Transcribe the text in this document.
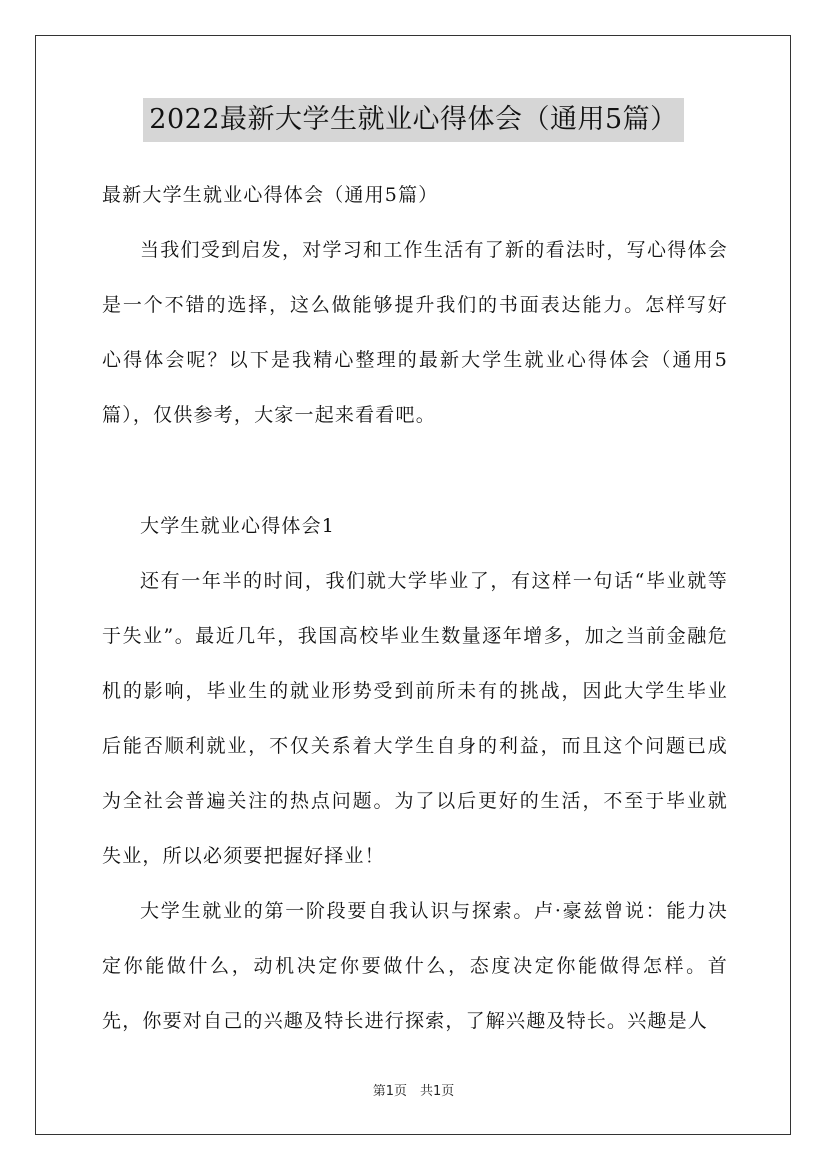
2022最新大学生就业心得体会（通用5篇）

最新大学生就业心得体会（通用5篇）

当我们受到启发，对学习和工作生活有了新的看法时，写心得体会是一个不错的选择，这么做能够提升我们的书面表达能力。怎样写好心得体会呢？以下是我精心整理的最新大学生就业心得体会（通用5篇），仅供参考，大家一起来看看吧。

大学生就业心得体会1

还有一年半的时间，我们就大学毕业了，有这样一句话“毕业就等于失业”。最近几年，我国高校毕业生数量逐年增多，加之当前金融危机的影响，毕业生的就业形势受到前所未有的挑战，因此大学生毕业后能否顺利就业，不仅关系着大学生自身的利益，而且这个问题已成为全社会普遍关注的热点问题。为了以后更好的生活，不至于毕业就失业，所以必须要把握好择业！

大学生就业的第一阶段要自我认识与探索。卢·豪兹曾说：能力决定你能做什么，动机决定你要做什么，态度决定你能做得怎样。首先，你要对自己的兴趣及特长进行探索，了解兴趣及特长。兴趣是人

第1页　共1页
